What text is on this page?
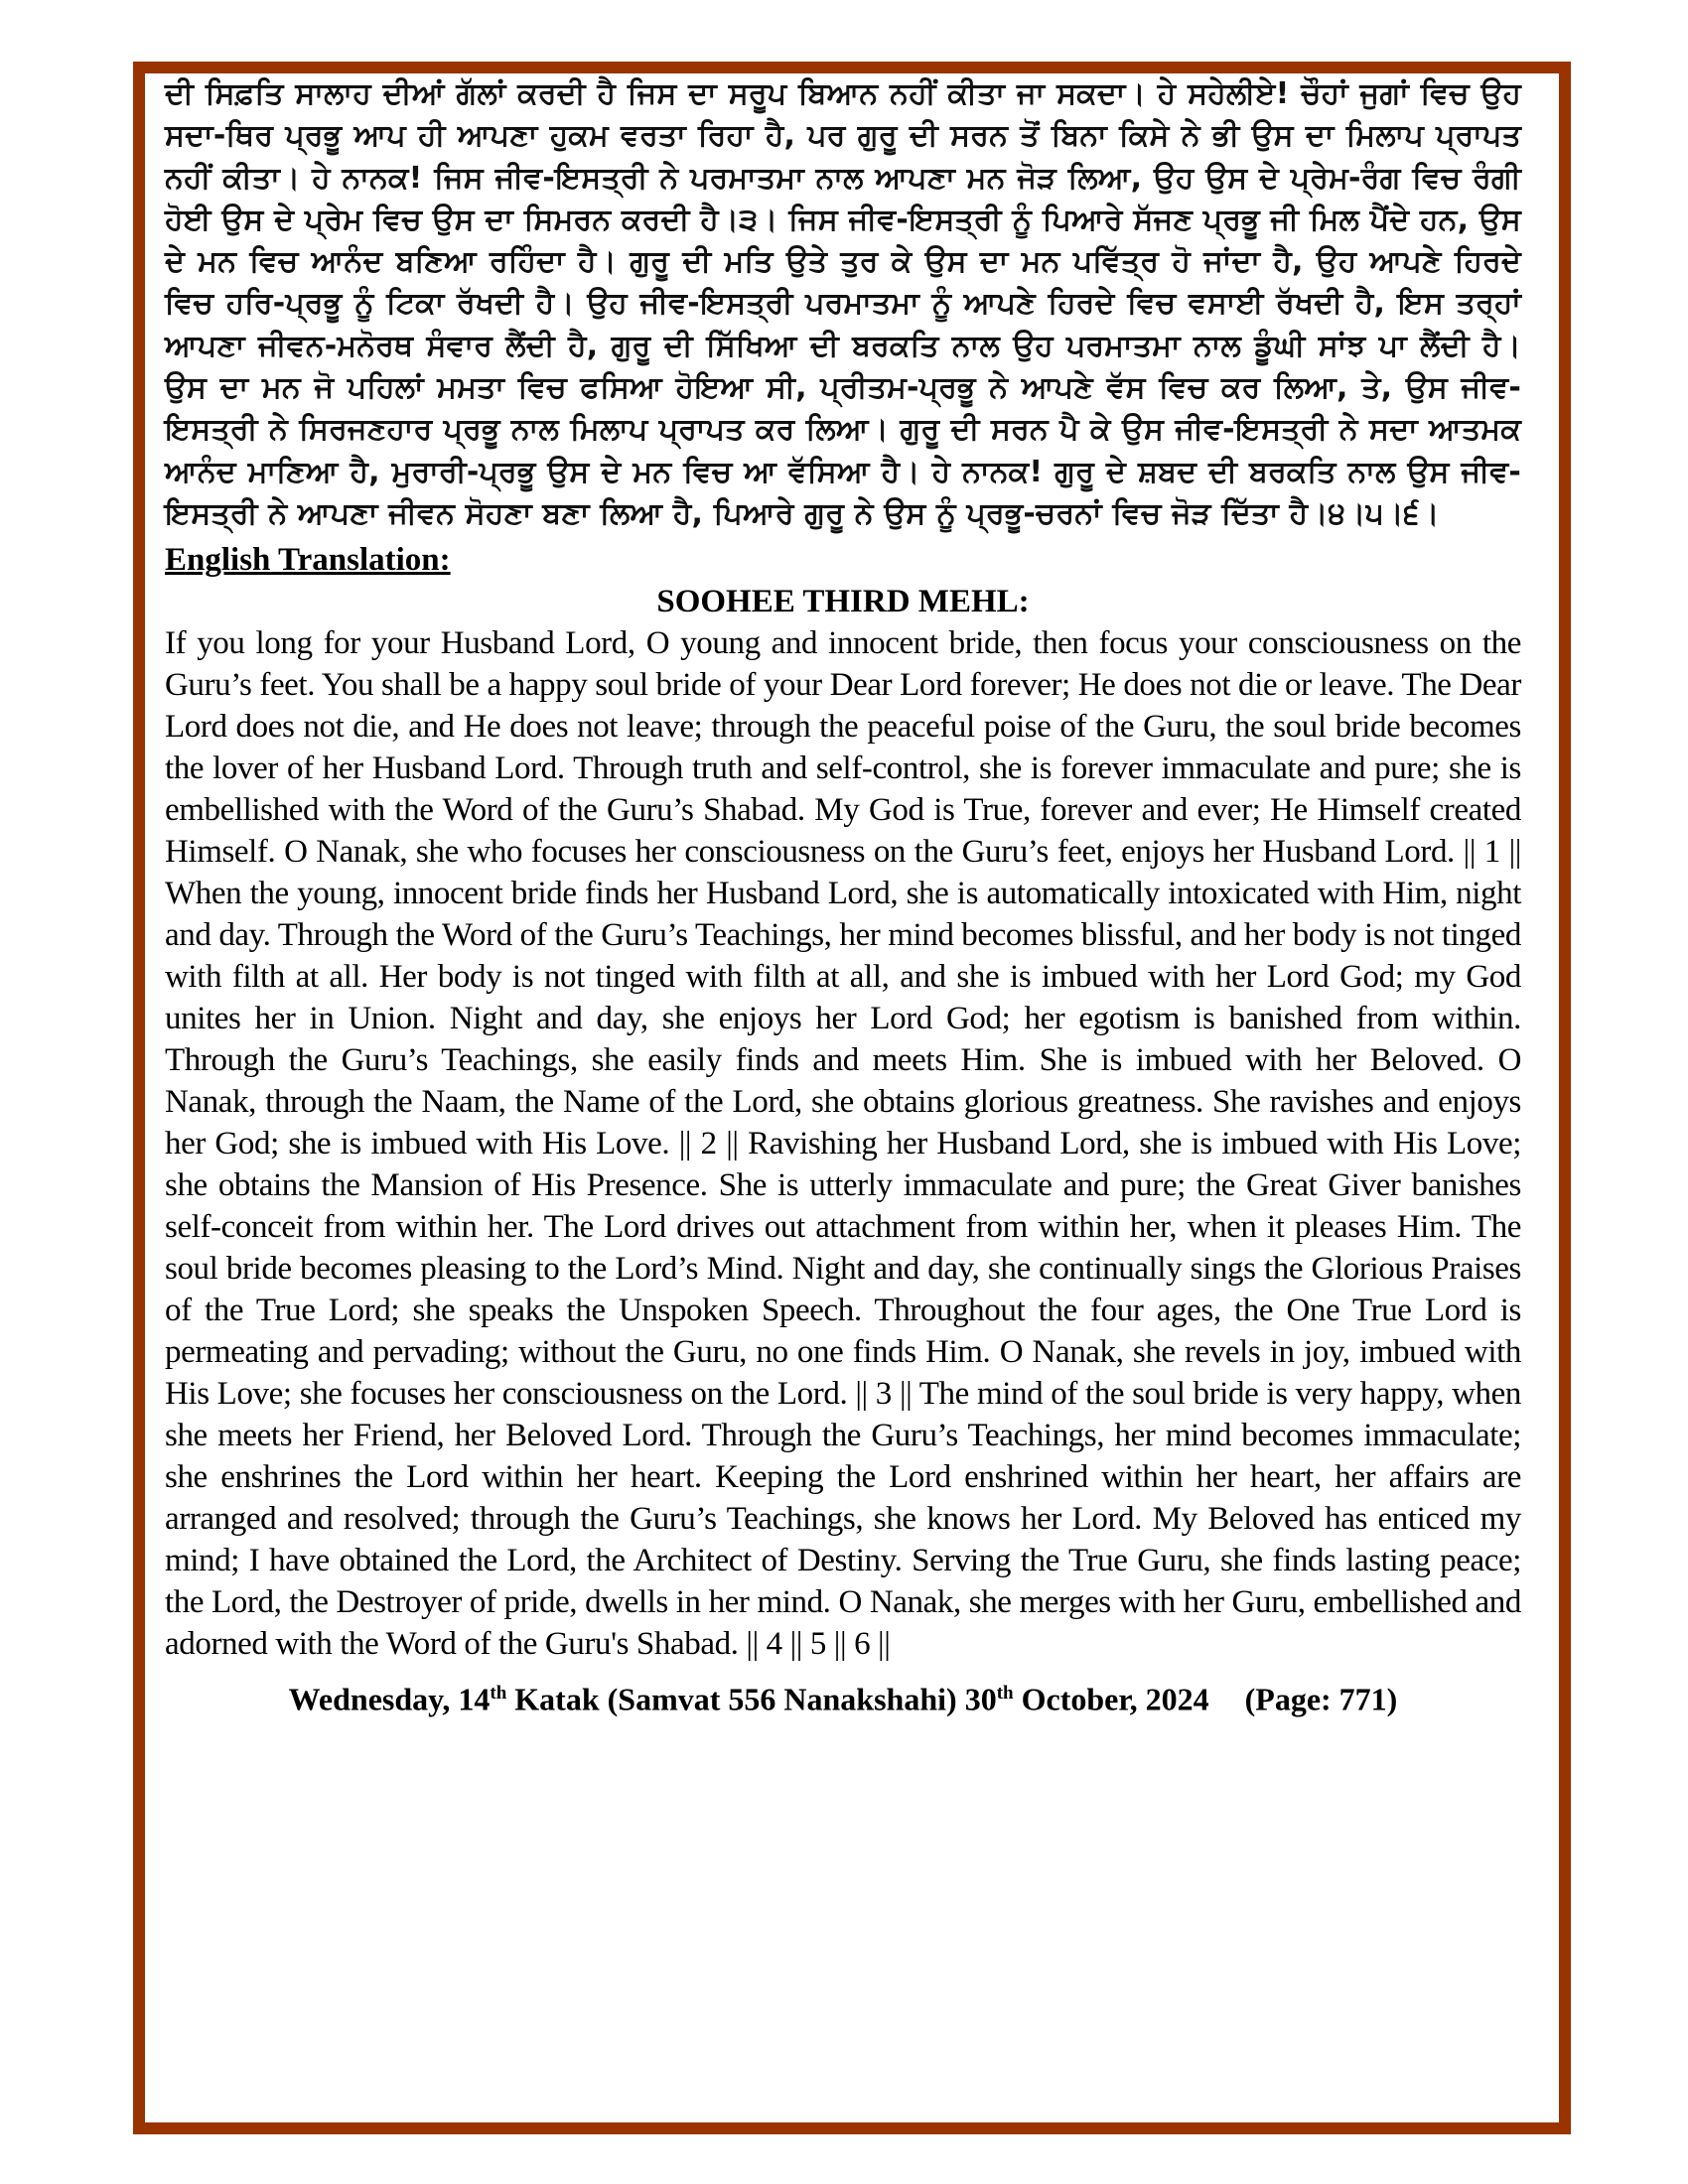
ਦੀ ਸਿਫ਼ਤਿ ਸਾਲਾਹ ਦੀਆਂ ਗੱਲਾਂ ਕਰਦੀ ਹੈ ਜਿਸ ਦਾ ਸਰੂਪ ਬਿਆਨ ਨਹੀਂ ਕੀਤਾ ਜਾ ਸਕਦਾ। ਹੇ ਸਹੇਲੀਏ! ਚੌਹਾਂ ਜੁਗਾਂ ਵਿਚ ਉਹ ਸਦਾ-ਥਿਰ ਪ੍ਰਭੂ ਆਪ ਹੀ ਆਪਣਾ ਹੁਕਮ ਵਰਤਾ ਰਿਹਾ ਹੈ, ਪਰ ਗੁਰੂ ਦੀ ਸਰਨ ਤੋਂ ਬਿਨਾ ਕਿਸੇ ਨੇ ਭੀ ਉਸ ਦਾ ਮਿਲਾਪ ਪ੍ਰਾਪਤ ਨਹੀਂ ਕੀਤਾ। ਹੇ ਨਾਨਕ! ਜਿਸ ਜੀਵ-ਇਸਤ੍ਰੀ ਨੇ ਪਰਮਾਤਮਾ ਨਾਲ ਆਪਣਾ ਮਨ ਜੋੜ ਲਿਆ, ਉਹ ਉਸ ਦੇ ਪ੍ਰੇਮ-ਰੰਗ ਵਿਚ ਰੰਗੀ ਹੋਈ ਉਸ ਦੇ ਪ੍ਰੇਮ ਵਿਚ ਉਸ ਦਾ ਸਿਮਰਨ ਕਰਦੀ ਹੈ।੩। ਜਿਸ ਜੀਵ-ਇਸਤ੍ਰੀ ਨੂੰ ਪਿਆਰੇ ਸੱਜਣ ਪ੍ਰਭੂ ਜੀ ਮਿਲ ਪੈਂਦੇ ਹਨ, ਉਸ ਦੇ ਮਨ ਵਿਚ ਆਨੰਦ ਬਣਿਆ ਰਹਿੰਦਾ ਹੈ। ਗੁਰੂ ਦੀ ਮਤਿ ਉਤੇ ਤੁਰ ਕੇ ਉਸ ਦਾ ਮਨ ਪਵਿੱਤ੍ਰ ਹੋ ਜਾਂਦਾ ਹੈ, ਉਹ ਆਪਣੇ ਹਿਰਦੇ ਵਿਚ ਹਰਿ-ਪ੍ਰਭੂ ਨੂੰ ਟਿਕਾ ਰੱਖਦੀ ਹੈ। ਉਹ ਜੀਵ-ਇਸਤ੍ਰੀ ਪਰਮਾਤਮਾ ਨੂੰ ਆਪਣੇ ਹਿਰਦੇ ਵਿਚ ਵਸਾਈ ਰੱਖਦੀ ਹੈ, ਇਸ ਤਰ੍ਹਾਂ ਆਪਣਾ ਜੀਵਨ-ਮਨੋਰਥ ਸੰਵਾਰ ਲੈਂਦੀ ਹੈ, ਗੁਰੂ ਦੀ ਸਿੱਖਿਆ ਦੀ ਬਰਕਤਿ ਨਾਲ ਉਹ ਪਰਮਾਤਮਾ ਨਾਲ ਡੂੰਘੀ ਸਾਂਝ ਪਾ ਲੈਂਦੀ ਹੈ। ਉਸ ਦਾ ਮਨ ਜੋ ਪਹਿਲਾਂ ਮਮਤਾ ਵਿਚ ਫਸਿਆ ਹੋਇਆ ਸੀ, ਪ੍ਰੀਤਮ-ਪ੍ਰਭੂ ਨੇ ਆਪਣੇ ਵੱਸ ਵਿਚ ਕਰ ਲਿਆ, ਤੇ, ਉਸ ਜੀਵ-ਇਸਤ੍ਰੀ ਨੇ ਸਿਰਜਣਹਾਰ ਪ੍ਰਭੂ ਨਾਲ ਮਿਲਾਪ ਪ੍ਰਾਪਤ ਕਰ ਲਿਆ। ਗੁਰੂ ਦੀ ਸਰਨ ਪੈ ਕੇ ਉਸ ਜੀਵ-ਇਸਤ੍ਰੀ ਨੇ ਸਦਾ ਆਤਮਕ ਆਨੰਦ ਮਾਣਿਆ ਹੈ, ਮੁਰਾਰੀ-ਪ੍ਰਭੂ ਉਸ ਦੇ ਮਨ ਵਿਚ ਆ ਵੱਸਿਆ ਹੈ। ਹੇ ਨਾਨਕ! ਗੁਰੂ ਦੇ ਸ਼ਬਦ ਦੀ ਬਰਕਤਿ ਨਾਲ ਉਸ ਜੀਵ-ਇਸਤ੍ਰੀ ਨੇ ਆਪਣਾ ਜੀਵਨ ਸੋਹਣਾ ਬਣਾ ਲਿਆ ਹੈ, ਪਿਆਰੇ ਗੁਰੂ ਨੇ ਉਸ ਨੂੰ ਪ੍ਰਭੂ-ਚਰਨਾਂ ਵਿਚ ਜੋੜ ਦਿੱਤਾ ਹੈ।੪।੫।੬।

English Translation:
SOOHEE THIRD MEHL:

If you long for your Husband Lord, O young and innocent bride, then focus your consciousness on the Guru’s feet. You shall be a happy soul bride of your Dear Lord forever; He does not die or leave. The Dear Lord does not die, and He does not leave; through the peaceful poise of the Guru, the soul bride becomes the lover of her Husband Lord. Through truth and self-control, she is forever immaculate and pure; she is embellished with the Word of the Guru’s Shabad. My God is True, forever and ever; He Himself created Himself. O Nanak, she who focuses her consciousness on the Guru’s feet, enjoys her Husband Lord. || 1 || When the young, innocent bride finds her Husband Lord, she is automatically intoxicated with Him, night and day. Through the Word of the Guru’s Teachings, her mind becomes blissful, and her body is not tinged with filth at all. Her body is not tinged with filth at all, and she is imbued with her Lord God; my God unites her in Union. Night and day, she enjoys her Lord God; her egotism is banished from within. Through the Guru’s Teachings, she easily finds and meets Him. She is imbued with her Beloved. O Nanak, through the Naam, the Name of the Lord, she obtains glorious greatness. She ravishes and enjoys her God; she is imbued with His Love. || 2 || Ravishing her Husband Lord, she is imbued with His Love; she obtains the Mansion of His Presence. She is utterly immaculate and pure; the Great Giver banishes self-conceit from within her. The Lord drives out attachment from within her, when it pleases Him. The soul bride becomes pleasing to the Lord’s Mind. Night and day, she continually sings the Glorious Praises of the True Lord; she speaks the Unspoken Speech. Throughout the four ages, the One True Lord is permeating and pervading; without the Guru, no one finds Him. O Nanak, she revels in joy, imbued with His Love; she focuses her consciousness on the Lord. || 3 || The mind of the soul bride is very happy, when she meets her Friend, her Beloved Lord. Through the Guru’s Teachings, her mind becomes immaculate; she enshrines the Lord within her heart. Keeping the Lord enshrined within her heart, her affairs are arranged and resolved; through the Guru’s Teachings, she knows her Lord. My Beloved has enticed my mind; I have obtained the Lord, the Architect of Destiny. Serving the True Guru, she finds lasting peace; the Lord, the Destroyer of pride, dwells in her mind. O Nanak, she merges with her Guru, embellished and adorned with the Word of the Guru's Shabad. || 4 || 5 || 6 ||

Wednesday, 14th Katak (Samvat 556 Nanakshahi) 30th October, 2024 (Page: 771)
